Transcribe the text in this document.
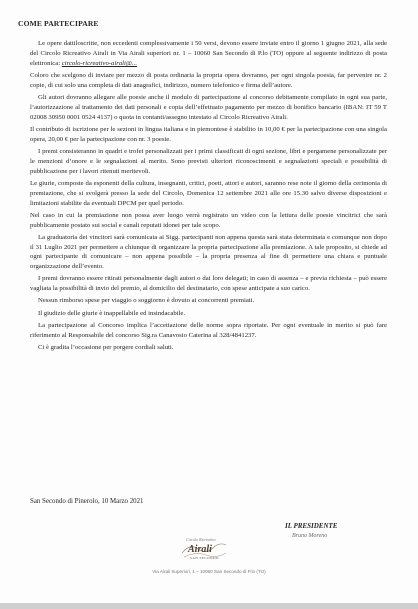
COME PARTECIPARE

Le opere dattiloscritte, non eccedenti complessivamente i 50 versi, devono essere inviate entro il giorno 1 giugno 2021, alla sede del Circolo Ricreativo Airali in Via Airali superiori nr. 1 – 10060 San Secondo di P.lo (TO) oppure al seguente indirizzo di posta elettronica: circolo-ricreativo-airali@...

Coloro che scelgono di inviare per mezzo di posta ordinaria la propria opera dovranno, per ogni singola poesia, far pervenire nr. 2 copie, di cui solo una completa di dati anagrafici, indirizzo, numero telefonico e firma dell’autore.

Gli autori dovranno allegare alle poesie anche il modulo di partecipazione al concorso debitamente compilato in ogni sua parte, l’autorizzazione al trattamento dei dati personali e copia dell’effettuato pagamento per mezzo di bonifico bancario (IBAN: IT 59 T 02008 30950 0001 0524 4137) o quota in contanti/assegno intestato al Circolo Ricreativo Airali.

Il contributo di iscrizione per le sezioni in lingua italiana e in piemontese è stabilito in 10,00 € per la partecipazione con una singola opera, 20,00 € per la partecipazione con nr. 3 poesie.

I premi consisteranno in quadri e trofei personalizzati per i primi classificati di ogni sezione, libri e pergamene personalizzate per le menzioni d’onore e le segnalazioni al merito. Sono previsti ulteriori riconoscimenti e segnalazioni speciali e possibilità di pubblicazione per i lavori ritenuti meritevoli.

Le giurie, composte da esponenti della cultura, insegnanti, critici, poeti, attori e autori, saranno rese note il giorno della cerimonia di premiazione, che si svolgerà presso la sede del Circolo, Domenica 12 settembre 2021 alle ore 15.30 salvo diverse disposizioni e limitazioni stabilite da eventuali DPCM per quel periodo.

Nel caso in cui la premiazione non possa aver luogo verrà registrato un video con la lettura delle poesie vincitrici che sarà pubblicamente postato sui social e canali reputati idonei per tale scopo.

La graduatoria dei vincitori sarà comunicata ai Sigg. partecipanti non appena questa sarà stata determinata e comunque non dopo il 31 Luglio 2021 per permettere a chiunque di organizzare la propria partecipazione alla premiazione. A tale proposito, si chiede ad ogni partecipante di comunicare – non appena possibile – la propria presenza al fine di permettere una chiara e puntuale organizzazione dell’evento.

I premi dovranno essere ritirati personalmente dagli autori o dai loro delegati; in caso di assenza – e previa richiesta – può essere vagliata la possibilità di invio del premio, al domicilio del destinatario, con spese anticipate a suo carico.

Nessun rimborso spese per viaggio o soggiorno è dovuto ai concorrenti premiati.

Il giudizio delle giurie è inappellabile ed insindacabile.

La partecipazione al Concorso implica l’accettazione delle norme sopra riportate. Per ogni eventuale in merito si può fare riferimento al Responsabile del concorso Sig.ra Canavosio Caterina al 328/4841237.

Ci è gradita l’occasione per porgere cordiali saluti.

San Secondo di Pinerolo, 10 Marzo 2021
IL PRESIDENTE
Bruno Moreno
Circolo Ricreativo
Airali
SAN SECONDO
Via Airali Superiori, 1 – 10060 San Secondo di P.lo (TO)
